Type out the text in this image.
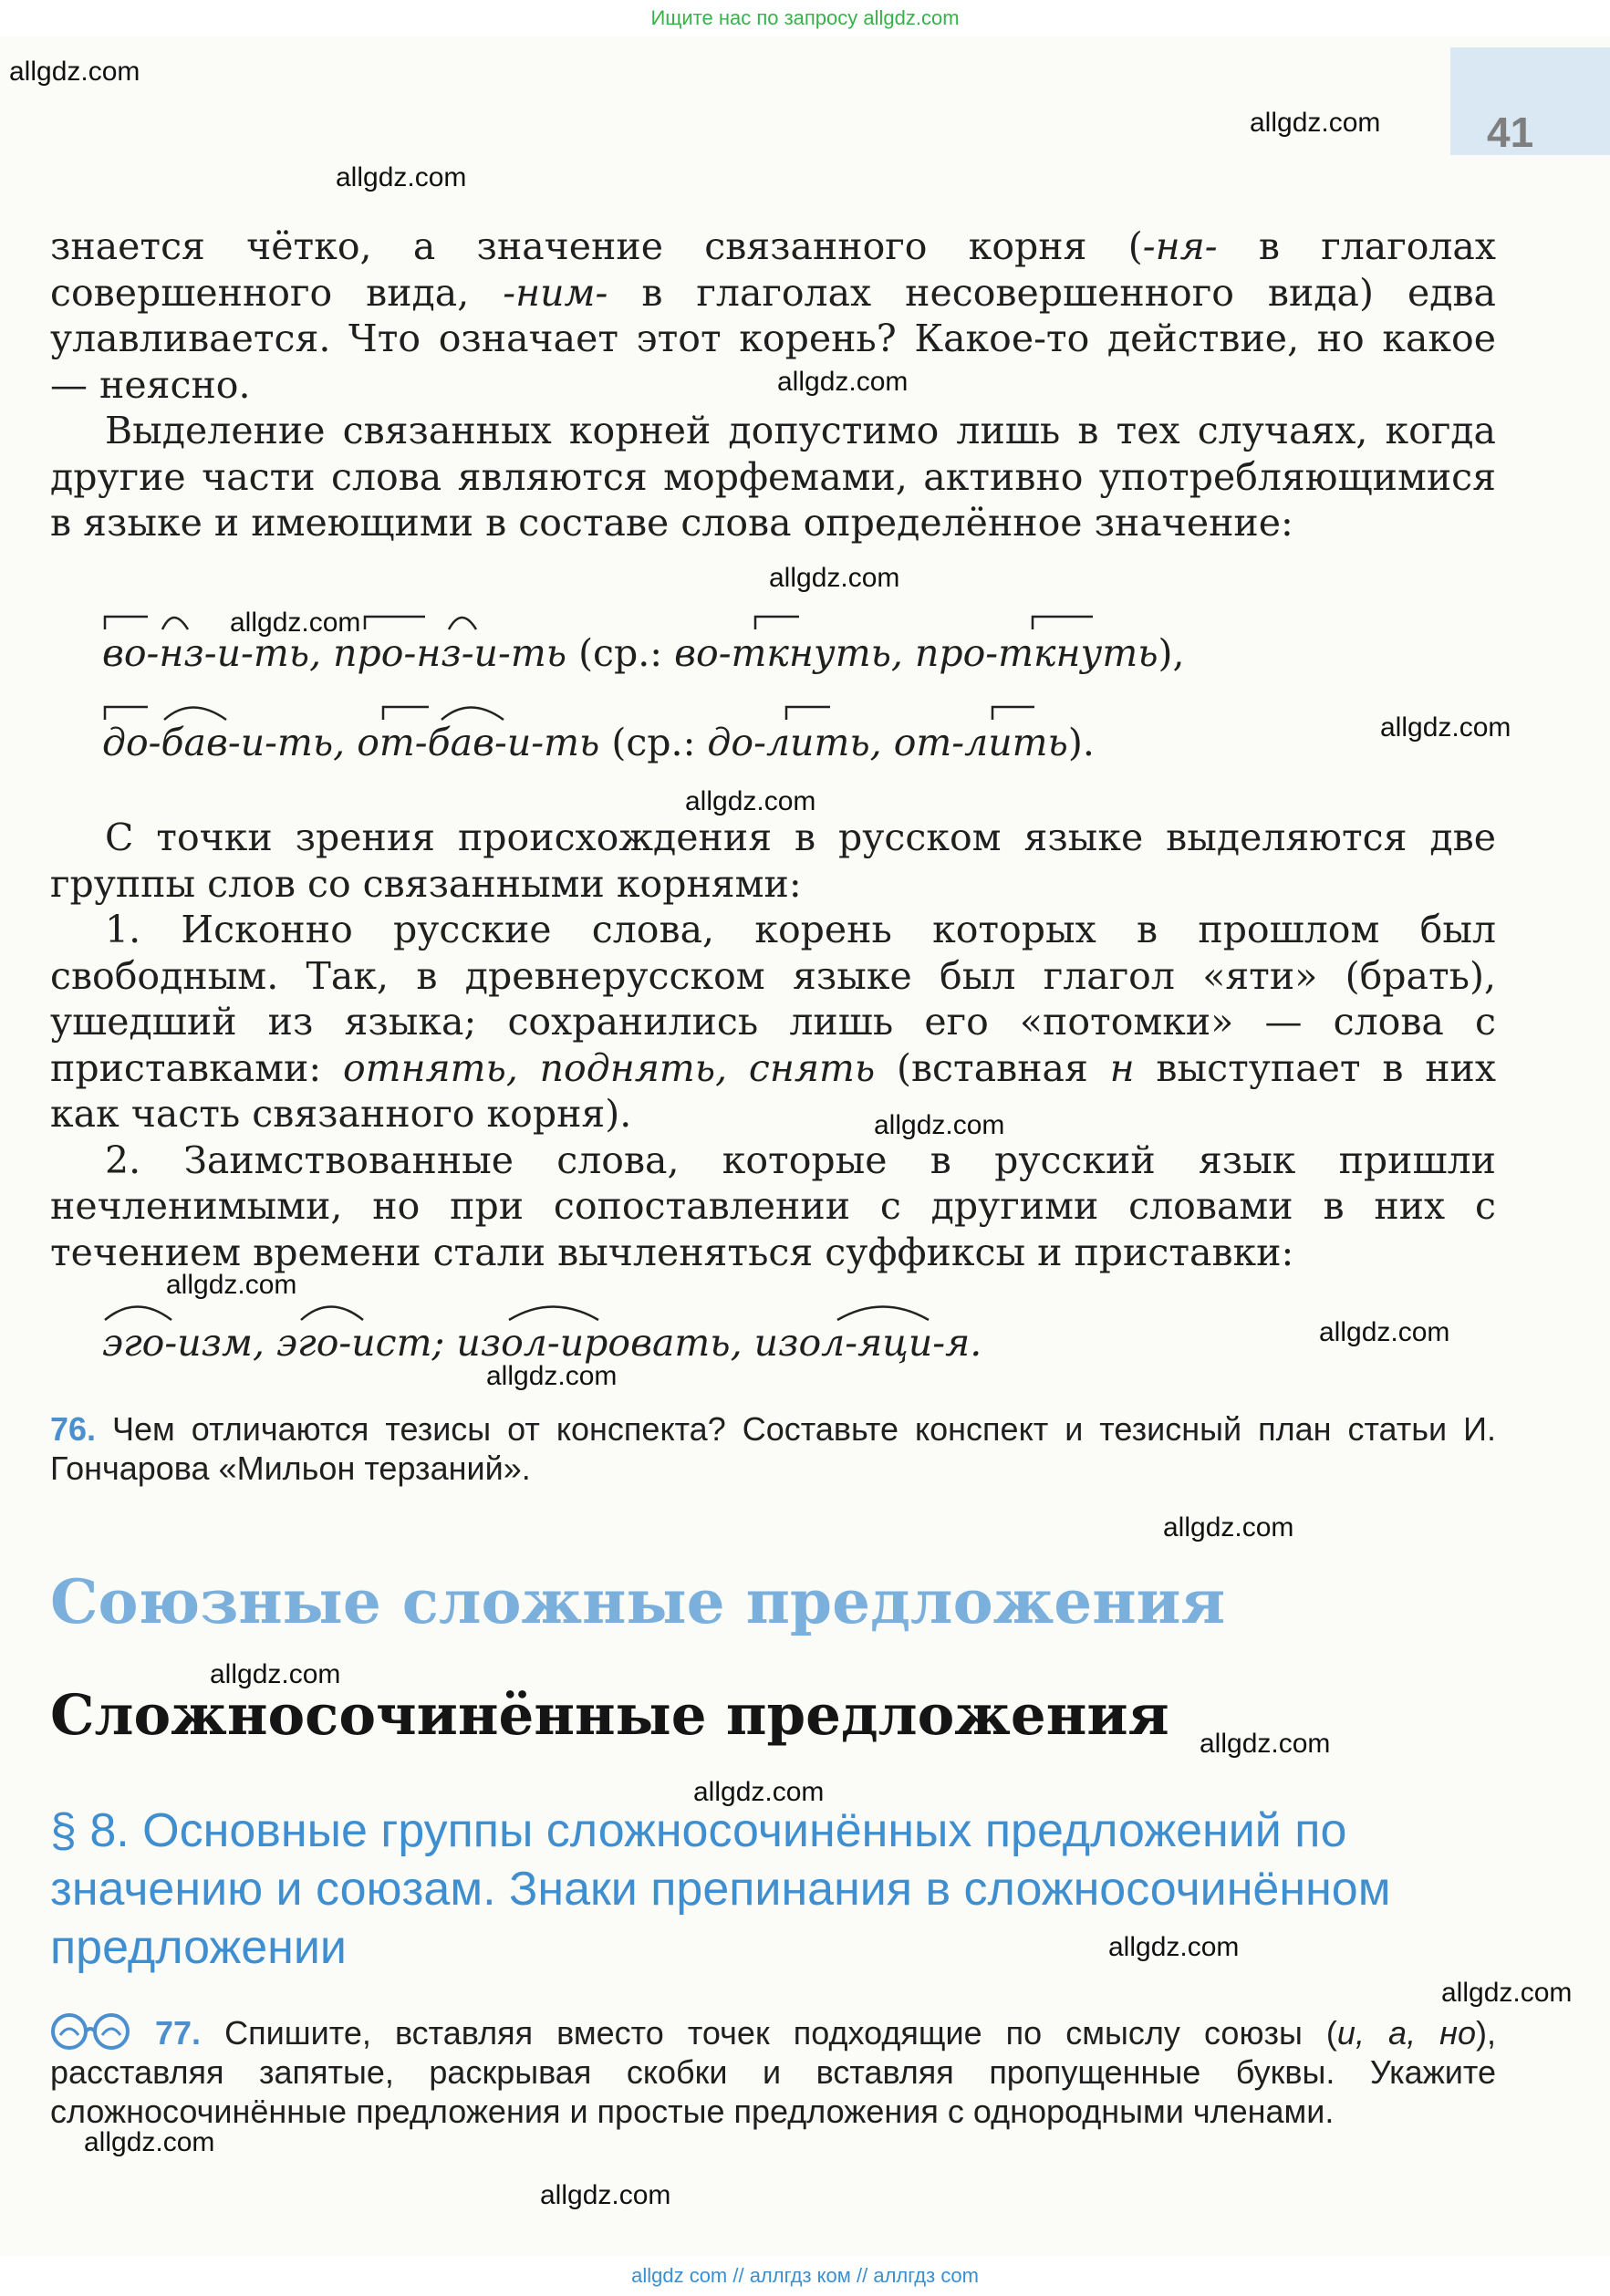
Ищите нас по запросу allgdz.com
41
allgdz.com
allgdz.com
allgdz.com
allgdz.com
allgdz.com
allgdz.com
allgdz.com
allgdz.com
allgdz.com
allgdz.com
allgdz.com
allgdz.com
allgdz.com
allgdz.com
allgdz.com
allgdz.com
allgdz.com
allgdz.com
allgdz.com
allgdz.com

знается чётко, а значение связанного корня (-ня- в глаголах совершенного вида, -ним- в глаголах несовершенного вида) едва улавливается. Что означает этот корень? Какое-то действие, но какое — неясно.

Выделение связанных корней допустимо лишь в тех случаях, когда другие части слова являются морфемами, активно употребляющимися в языке и имеющими в составе слова определённое значение:

во-нз-и-ть, про-нз-и-ть (ср.: во-ткнуть, про-ткнуть),
до-бав-и-ть, от-бав-и-ть (ср.: до-лить, от-лить).

С точки зрения происхождения в русском языке выделяются две группы слов со связанными корнями:

1. Исконно русские слова, корень которых в прошлом был свободным. Так, в древнерусском языке был глагол «яти» (брать), ушедший из языка; сохранились лишь его «потомки» — слова с приставками: отнять, поднять, снять (вставная н выступает в них как часть связанного корня).

2. Заимствованные слова, которые в русский язык пришли нечленимыми, но при сопоставлении с другими словами в них с течением времени стали вычленяться суффиксы и приставки:

эго-изм, эго-ист; изол-ировать, изол-яци-я.
76. Чем отличаются тезисы от конспекта? Составьте конспект и тезисный план статьи И. Гончарова «Мильон терзаний».
Союзные сложные предложения
Сложносочинённые предложения
§ 8. Основные группы сложносочинённых предложений по значению и союзам. Знаки препинания в сложносочинённом предложении
77. Спишите, вставляя вместо точек подходящие по смыслу союзы (и, а, но), расставляя запятые, раскрывая скобки и вставляя пропущенные буквы. Укажите сложносочинённые предложения и простые предложения с однородными членами.
allgdz com // аллгдз ком // аллгдз com
